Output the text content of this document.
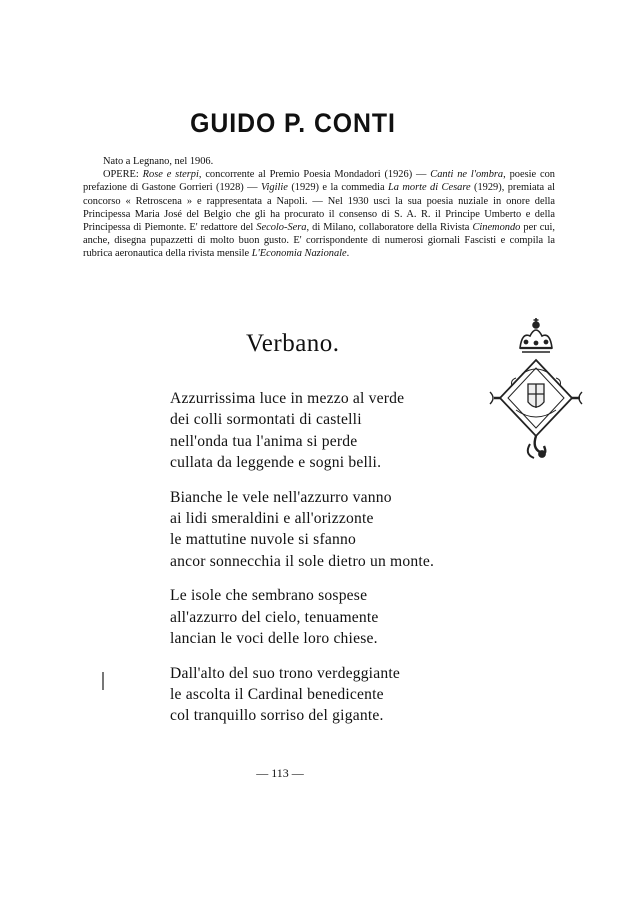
GUIDO P. CONTI

Nato a Legnano, nel 1906.

OPERE: Rose e sterpi, concorrente al Premio Poesia Mondadori (1926) — Canti ne l'ombra, poesie con prefazione di Gastone Gorrieri (1928) — Vigilie (1929) e la commedia La morte di Cesare (1929), premiata al concorso « Retroscena » e rappresentata a Napoli. — Nel 1930 uscì la sua poesia nuziale in onore della Principessa Maria José del Belgio che gli ha procurato il consenso di S. A. R. il Principe Umberto e della Principessa di Piemonte. E' redattore del Secolo-Sera, di Milano, collaboratore della Rivista Cinemondo per cui, anche, disegna pupazzetti di molto buon gusto. E' corrispondente di numerosi giornali Fascisti e compila la rubrica aeronautica della rivista mensile L'Economia Nazionale.

Verbano.
Azzurrissima luce in mezzo al verde
dei colli sormontati di castelli
nell'onda tua l'anima si perde
cullata da leggende e sogni belli.
Bianche le vele nell'azzurro vanno
ai lidi smeraldini e all'orizzonte
le mattutine nuvole si sfanno
ancor sonnecchia il sole dietro un monte.
Le isole che sembrano sospese
all'azzurro del cielo, tenuamente
lancian le voci delle loro chiese.
Dall'alto del suo trono verdeggiante
le ascolta il Cardinal benedicente
col tranquillo sorriso del gigante.
— 113 —
